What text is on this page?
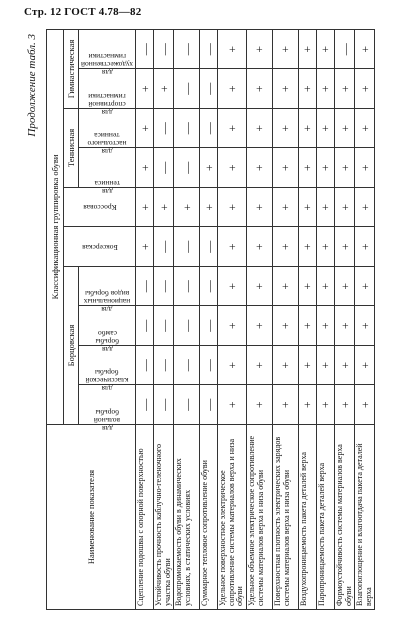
Стр. 12 ГОСТ 4.78—82
Продолжение табл. 3
Наименование показателя	Классификационная группировка обуви									
	Борцовская				Боксерская	Кроссовая	Теннисная		Гимнастическая	

	для вольной борьбы	для классической борьбы	для борьбы самбо	для национальных видов борьбы			для тенниса	для настольного тенниса	для спортивной гимнастики	для художественной гимнастики

Сцепление подошвы с опорной поверхностью	—	—	—	—	+	+	+	+	+	—
Устойчивость прочность каблучно-геленочного участка обуви	—	—	—	—	—	+	—	—	+	—
Водопромокаемость обуви в динамических условиях, в статических условиях	—	—	—	—	—	+	—	—	—	—
Суммарное тепловое сопротивление обуви	—	—	—	—	—	+	+	—	—	—
Удельное поверхностное электрическое сопротивление системы материалов верха и низа обуви	+	+	+	+	+	+	+	+	+	+
Удельное объемное электрическое сопротивление системы материалов верха и низа обуви	+	+	+	+	+	+	+	+	+	+
Поверхностная плотность электрических зарядов системы материалов верха и низа обуви	+	+	+	+	+	+	+	+	+	+
Воздухопроницаемость пакета деталей верха	+	+	+	+	+	+	+	+	+	+
Паропроницаемость пакета деталей верха	+	+	+	+	+	+	+	+	+	+
Формоустойчивость системы материалов верха обуви	+	+	+	+	+	+	+	+	+	—
Влагопоглощение и влагоотдача пакета деталей верха	+	+	+	+	+	+	+	+	+	+
